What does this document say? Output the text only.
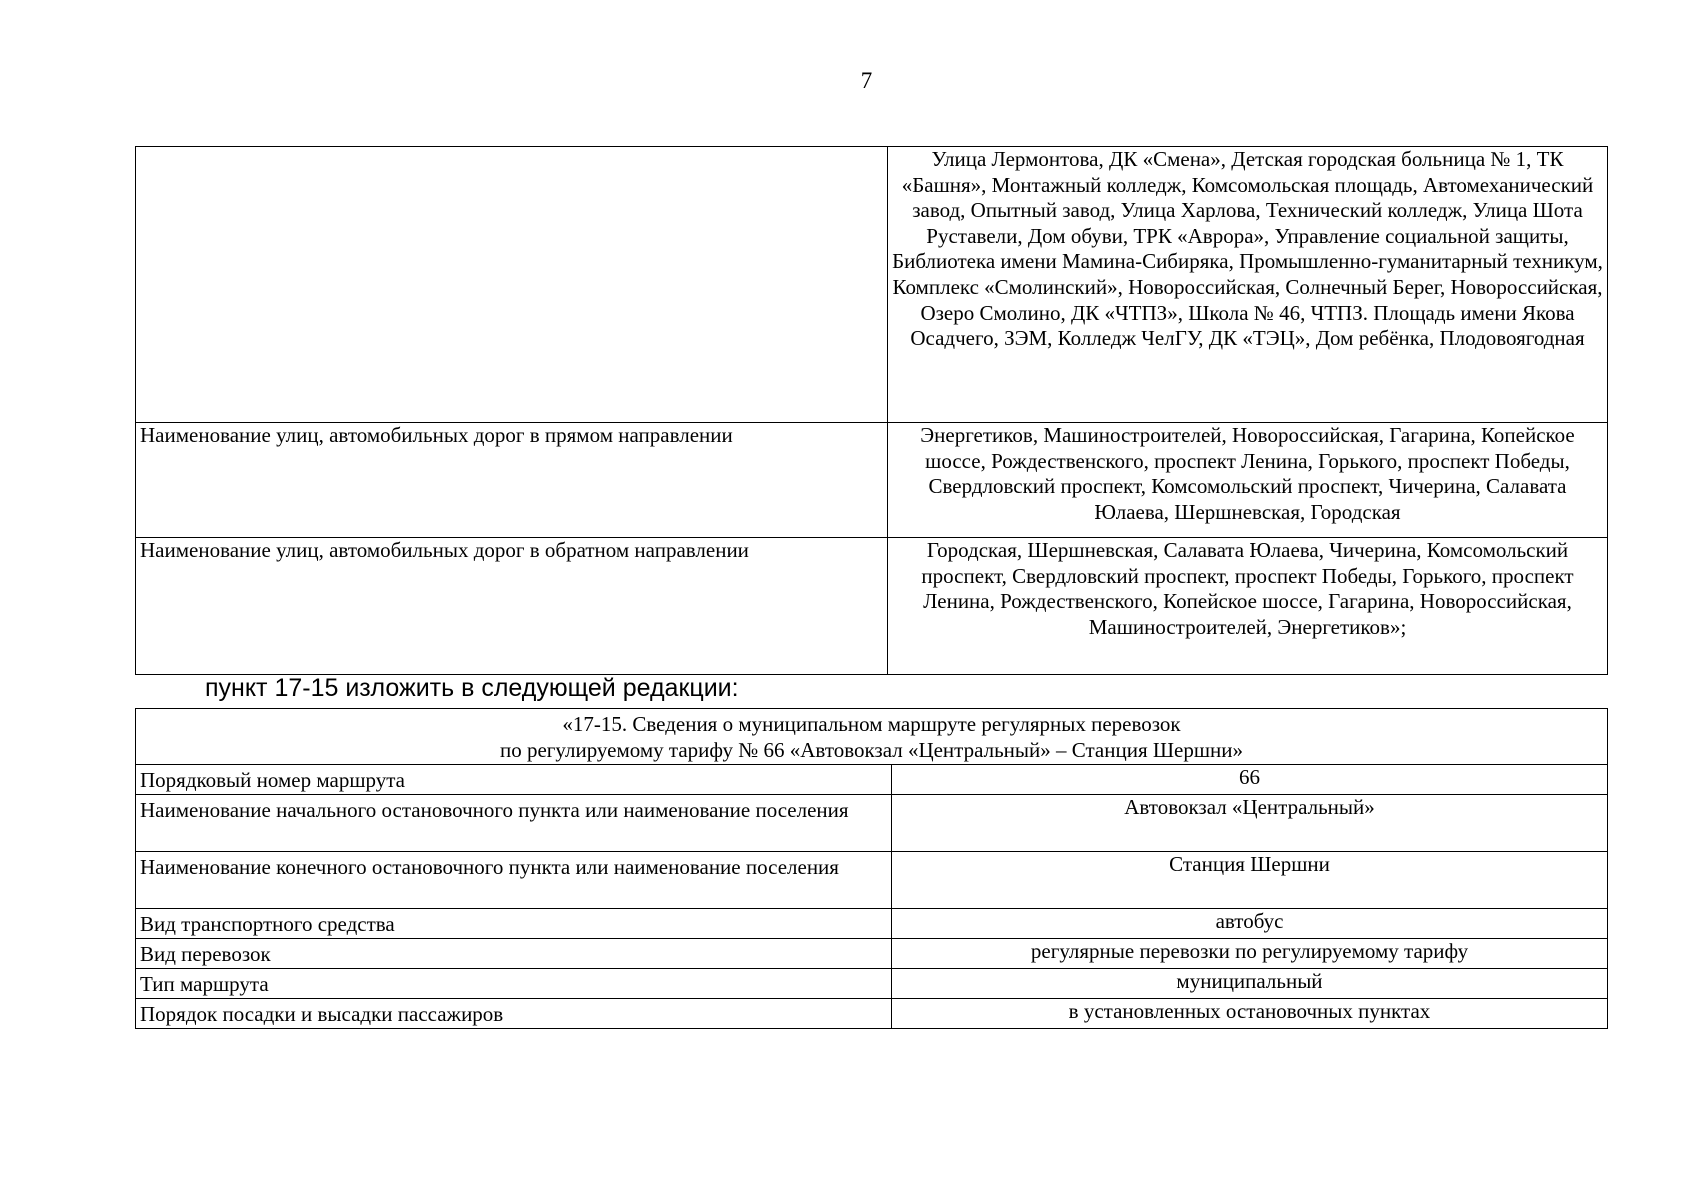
7
	Улица Лермонтова, ДК «Смена», Детская городская больница № 1, ТК «Башня», Монтажный колледж, Комсомольская площадь, Автомеханический завод, Опытный завод, Улица Харлова, Технический колледж, Улица Шота Руставели, Дом обуви, ТРК «Аврора», Управление социальной защиты, Библиотека имени Мамина-Сибиряка, Промышленно-гуманитарный техникум, Комплекс «Смолинский», Новороссийская, Солнечный Берег, Новороссийская, Озеро Смолино, ДК «ЧТПЗ», Школа № 46, ЧТПЗ. Площадь имени Якова Осадчего, ЗЭМ, Колледж ЧелГУ, ДК «ТЭЦ», Дом ребёнка, Плодовоягодная
Наименование улиц, автомобильных дорог в прямом направлении	Энергетиков, Машиностроителей, Новороссийская, Гагарина, Копейское шоссе, Рождественского, проспект Ленина, Горького, проспект Победы, Свердловский проспект, Комсомольский проспект, Чичерина, Салавата Юлаева, Шершневская, Городская
Наименование улиц, автомобильных дорог в обратном направлении	Городская, Шершневская, Салавата Юлаева, Чичерина, Комсомольский проспект, Свердловский проспект, проспект Победы, Горького, проспект Ленина, Рождественского, Копейское шоссе, Гагарина, Новороссийская, Машиностроителей, Энергетиков»;
пункт 17-15 изложить в следующей редакции:
«17-15. Сведения о муниципальном маршруте регулярных перевозок
по регулируемому тарифу № 66 «Автовокзал «Центральный» – Станция Шершни»	

Порядковый номер маршрута	66
Наименование начального остановочного пункта или наименование поселения	Автовокзал «Центральный»
Наименование конечного остановочного пункта или наименование поселения	Станция Шершни
Вид транспортного средства	автобус
Вид перевозок	регулярные перевозки по регулируемому тарифу
Тип маршрута	муниципальный
Порядок посадки и высадки пассажиров	в установленных остановочных пунктах
